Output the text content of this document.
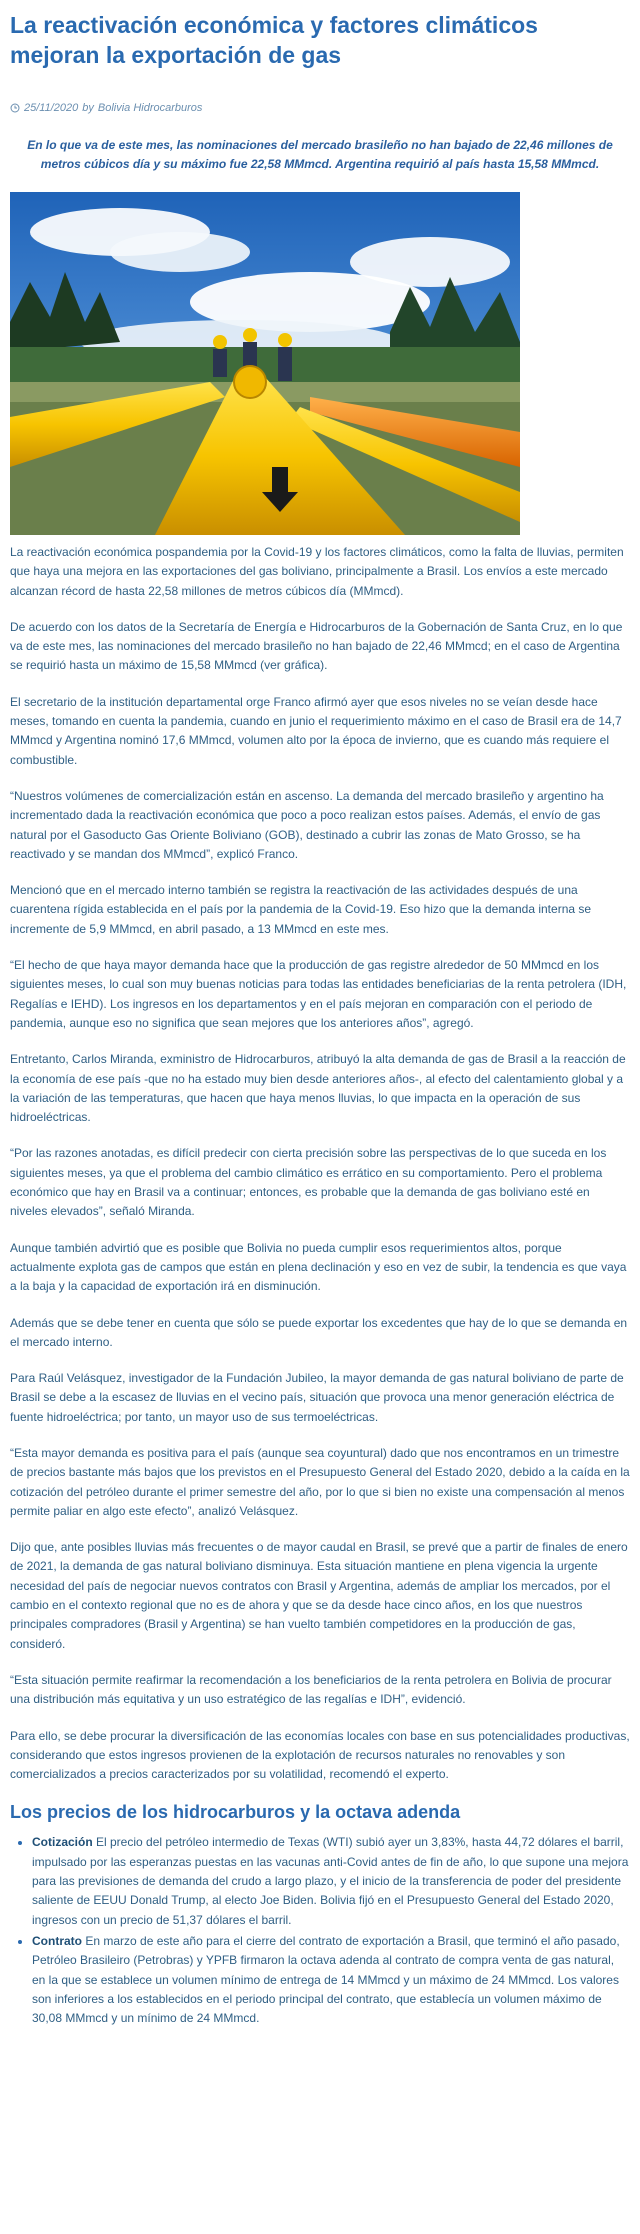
La reactivación económica y factores climáticos mejoran la exportación de gas
25/11/2020 by Bolivia Hidrocarburos

En lo que va de este mes, las nominaciones del mercado brasileño no han bajado de 22,46 millones de metros cúbicos día y su máximo fue 22,58 MMmcd. Argentina requirió al país hasta 15,58 MMmcd.

La reactivación económica pospandemia por la Covid-19 y los factores climáticos, como la falta de lluvias, permiten que haya una mejora en las exportaciones del gas boliviano, principalmente a Brasil. Los envíos a este mercado alcanzan récord de hasta 22,58 millones de metros cúbicos día (MMmcd).

De acuerdo con los datos de la Secretaría de Energía e Hidrocarburos de la Gobernación de Santa Cruz, en lo que va de este mes, las nominaciones del mercado brasileño no han bajado de 22,46 MMmcd; en el caso de Argentina se requirió hasta un máximo de 15,58 MMmcd (ver gráfica).

El secretario de la institución departamental orge Franco afirmó ayer que esos niveles no se veían desde hace meses, tomando en cuenta la pandemia, cuando en junio el requerimiento máximo en el caso de Brasil era de 14,7 MMmcd y Argentina nominó 17,6 MMmcd, volumen alto por la época de invierno, que es cuando más requiere el combustible.

“Nuestros volúmenes de comercialización están en ascenso. La demanda del mercado brasileño y argentino ha incrementado dada la reactivación económica que poco a poco realizan estos países. Además, el envío de gas natural por el Gasoducto Gas Oriente Boliviano (GOB), destinado a cubrir las zonas de Mato Grosso, se ha reactivado y se mandan dos MMmcd”, explicó Franco.

Mencionó que en el mercado interno también se registra la reactivación de las actividades después de una cuarentena rígida establecida en el país por la pandemia de la Covid-19. Eso hizo que la demanda interna se incremente de 5,9 MMmcd, en abril pasado, a 13 MMmcd en este mes.

“El hecho de que haya mayor demanda hace que la producción de gas registre alrededor de 50 MMmcd en los siguientes meses, lo cual son muy buenas noticias para todas las entidades beneficiarias de la renta petrolera (IDH, Regalías e IEHD). Los ingresos en los departamentos y en el país mejoran en comparación con el periodo de pandemia, aunque eso no significa que sean mejores que los anteriores años”, agregó.

Entretanto, Carlos Miranda, exministro de Hidrocarburos, atribuyó la alta demanda de gas de Brasil a la reacción de la economía de ese país -que no ha estado muy bien desde anteriores años-, al efecto del calentamiento global y a la variación de las temperaturas, que hacen que haya menos lluvias, lo que impacta en la operación de sus hidroeléctricas.

“Por las razones anotadas, es difícil predecir con cierta precisión sobre las perspectivas de lo que suceda en los siguientes meses, ya que el problema del cambio climático es errático en su comportamiento. Pero el problema económico que hay en Brasil va a continuar; entonces, es probable que la demanda de gas boliviano esté en niveles elevados”, señaló Miranda.

Aunque también advirtió que es posible que Bolivia no pueda cumplir esos requerimientos altos, porque actualmente explota gas de campos que están en plena declinación y eso en vez de subir, la tendencia es que vaya a la baja y la capacidad de exportación irá en disminución.

Además que se debe tener en cuenta que sólo se puede exportar los excedentes que hay de lo que se demanda en el mercado interno.

Para Raúl Velásquez, investigador de la Fundación Jubileo, la mayor demanda de gas natural boliviano de parte de Brasil se debe a la escasez de lluvias en el vecino país, situación que provoca una menor generación eléctrica de fuente hidroeléctrica; por tanto, un mayor uso de sus termoeléctricas.

“Esta mayor demanda es positiva para el país (aunque sea coyuntural) dado que nos encontramos en un trimestre de precios bastante más bajos que los previstos en el Presupuesto General del Estado 2020, debido a la caída en la cotización del petróleo durante el primer semestre del año, por lo que si bien no existe una compensación al menos permite paliar en algo este efecto”, analizó Velásquez.

Dijo que, ante posibles lluvias más frecuentes o de mayor caudal en Brasil, se prevé que a partir de finales de enero de 2021, la demanda de gas natural boliviano disminuya. Esta situación mantiene en plena vigencia la urgente necesidad del país de negociar nuevos contratos con Brasil y Argentina, además de ampliar los mercados, por el cambio en el contexto regional que no es de ahora y que se da desde hace cinco años, en los que nuestros principales compradores (Brasil y Argentina) se han vuelto también competidores en la producción de gas, consideró.

“Esta situación permite reafirmar la recomendación a los beneficiarios de la renta petrolera en Bolivia de procurar una distribución más equitativa y un uso estratégico de las regalías e IDH”, evidenció.

Para ello, se debe procurar la diversificación de las economías locales con base en sus potencialidades productivas, considerando que estos ingresos provienen de la explotación de recursos naturales no renovables y son comercializados a precios caracterizados por su volatilidad, recomendó el experto.

Los precios de los hidrocarburos y la octava adenda
• Cotización El precio del petróleo intermedio de Texas (WTI) subió ayer un 3,83%, hasta 44,72 dólares el barril, impulsado por las esperanzas puestas en las vacunas anti-Covid antes de fin de año, lo que supone una mejora para las previsiones de demanda del crudo a largo plazo, y el inicio de la transferencia de poder del presidente saliente de EEUU Donald Trump, al electo Joe Biden. Bolivia fijó en el Presupuesto General del Estado 2020, ingresos con un precio de 51,37 dólares el barril.
• Contrato En marzo de este año para el cierre del contrato de exportación a Brasil, que terminó el año pasado, Petróleo Brasileiro (Petrobras) y YPFB firmaron la octava adenda al contrato de compra venta de gas natural, en la que se establece un volumen mínimo de entrega de 14 MMmcd y un máximo de 24 MMmcd. Los valores son inferiores a los establecidos en el periodo principal del contrato, que establecía un volumen máximo de 30,08 MMmcd y un mínimo de 24 MMmcd.
